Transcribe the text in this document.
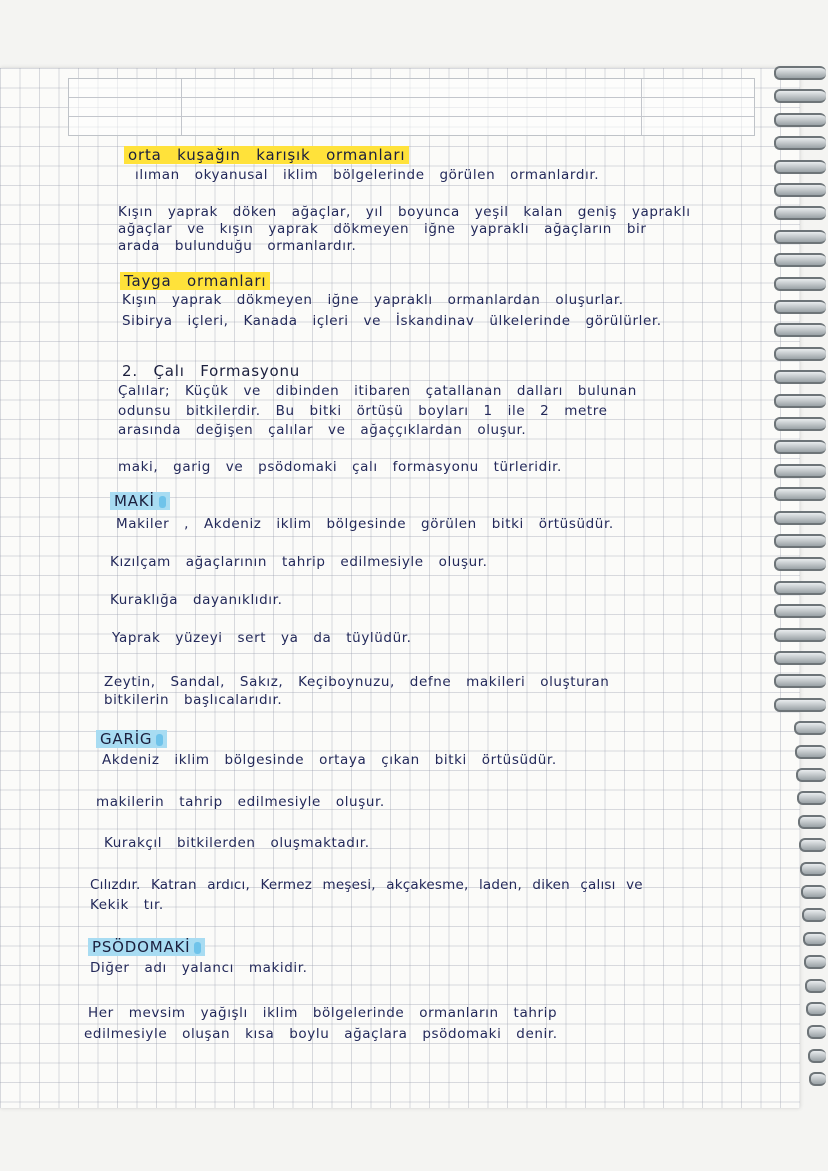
orta kuşağın karışık ormanları

ılıman okyanusal iklim bölgelerinde görülen ormanlardır.

Kışın yaprak döken ağaçlar, yıl boyunca yeşil kalan geniş yapraklı

ağaçlar ve kışın yaprak dökmeyen iğne yapraklı ağaçların bir

arada bulunduğu ormanlardır.

Tayga ormanları

Kışın yaprak dökmeyen iğne yapraklı ormanlardan oluşurlar.

Sibirya içleri, Kanada içleri ve İskandinav ülkelerinde görülürler.

2. Çalı Formasyonu

Çalılar; Küçük ve dibinden itibaren çatallanan dalları bulunan

odunsu bitkilerdir. Bu bitki örtüsü boyları 1 ile 2 metre

arasında değişen çalılar ve ağaççıklardan oluşur.

maki, garig ve psödomaki çalı formasyonu türleridir.

MAKİ

Makiler , Akdeniz iklim bölgesinde görülen bitki örtüsüdür.

Kızılçam ağaçlarının tahrip edilmesiyle oluşur.

Kuraklığa dayanıklıdır.

Yaprak yüzeyi sert ya da tüylüdür.

Zeytin, Sandal, Sakız, Keçiboynuzu, defne makileri oluşturan

bitkilerin başlıcalarıdır.

GARİG

Akdeniz iklim bölgesinde ortaya çıkan bitki örtüsüdür.

makilerin tahrip edilmesiyle oluşur.

Kurakçıl bitkilerden oluşmaktadır.

Cılızdır. Katran ardıcı, Kermez meşesi, akçakesme, laden, diken çalısı ve

Kekik tır.

PSÖDOMAKİ

Diğer adı yalancı makidir.

Her mevsim yağışlı iklim bölgelerinde ormanların tahrip

edilmesiyle oluşan kısa boylu ağaçlara psödomaki denir.
